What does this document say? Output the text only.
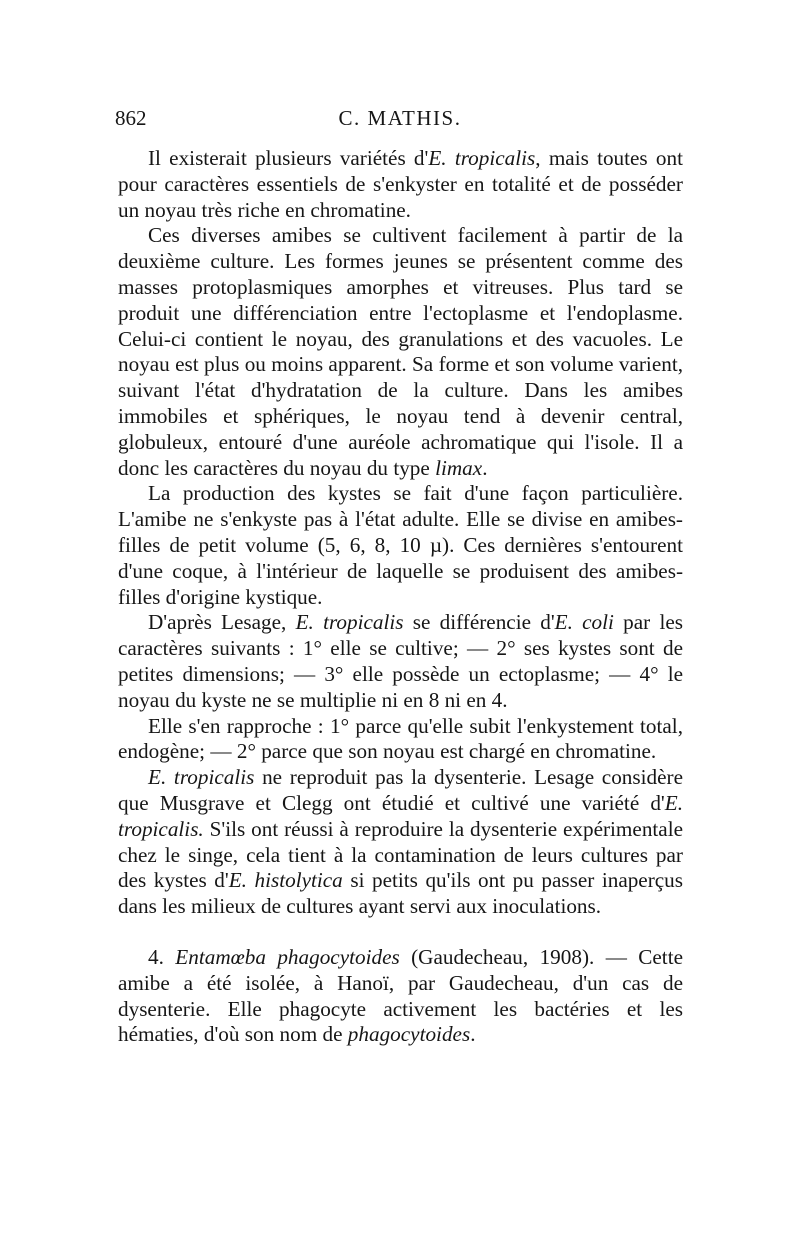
862	C. MATHIS.

Il existerait plusieurs variétés d'E. tropicalis, mais toutes ont pour caractères essentiels de s'enkyster en totalité et de posséder un noyau très riche en chromatine.

Ces diverses amibes se cultivent facilement à partir de la deuxième culture. Les formes jeunes se présentent comme des masses protoplasmiques amorphes et vitreuses. Plus tard se produit une différenciation entre l'ectoplasme et l'endoplasme. Celui-ci contient le noyau, des granulations et des vacuoles. Le noyau est plus ou moins apparent. Sa forme et son volume varient, suivant l'état d'hydratation de la culture. Dans les amibes immobiles et sphériques, le noyau tend à devenir central, globuleux, entouré d'une auréole achromatique qui l'isole. Il a donc les caractères du noyau du type limax.

La production des kystes se fait d'une façon particulière. L'amibe ne s'enkyste pas à l'état adulte. Elle se divise en amibes-filles de petit volume (5, 6, 8, 10 µ). Ces dernières s'entourent d'une coque, à l'intérieur de laquelle se produisent des amibes-filles d'origine kystique.

D'après Lesage, E. tropicalis se différencie d'E. coli par les caractères suivants : 1° elle se cultive; — 2° ses kystes sont de petites dimensions; — 3° elle possède un ectoplasme; — 4° le noyau du kyste ne se multiplie ni en 8 ni en 4.

Elle s'en rapproche : 1° parce qu'elle subit l'enkystement total, endogène; — 2° parce que son noyau est chargé en chromatine.

E. tropicalis ne reproduit pas la dysenterie. Lesage considère que Musgrave et Clegg ont étudié et cultivé une variété d'E. tropicalis. S'ils ont réussi à reproduire la dysenterie expérimentale chez le singe, cela tient à la contamination de leurs cultures par des kystes d'E. histolytica si petits qu'ils ont pu passer inaperçus dans les milieux de cultures ayant servi aux inoculations.

4. Entamœba phagocytoides (Gaudecheau, 1908). — Cette amibe a été isolée, à Hanoï, par Gaudecheau, d'un cas de dysenterie. Elle phagocyte activement les bactéries et les hématies, d'où son nom de phagocytoides.
